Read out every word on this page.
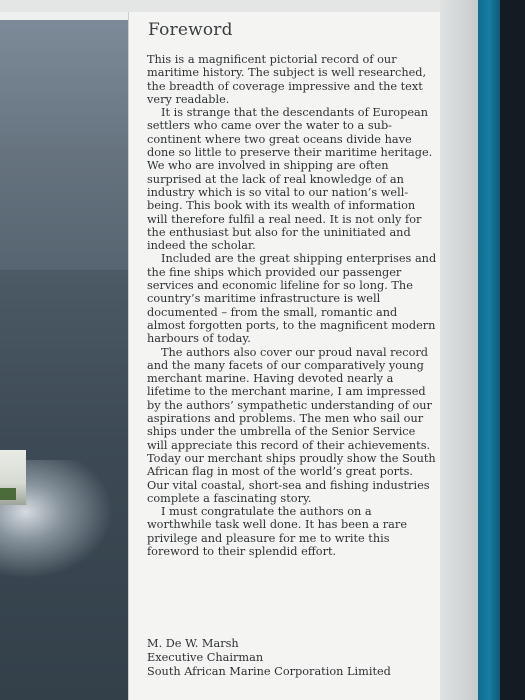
Foreword

This is a magnificent pictorial record of our maritime history. The subject is well researched, the breadth of coverage impressive and the text very readable.

It is strange that the descendants of European settlers who came over the water to a sub-continent where two great oceans divide have done so little to preserve their maritime heritage. We who are involved in shipping are often surprised at the lack of real knowledge of an industry which is so vital to our nation’s well-being. This book with its wealth of information will therefore fulfil a real need. It is not only for the enthusiast but also for the uninitiated and indeed the scholar.

Included are the great shipping enterprises and the fine ships which provided our passenger services and economic lifeline for so long. The country’s maritime infrastructure is well documented – from the small, romantic and almost forgotten ports, to the magnificent modern harbours of today.

The authors also cover our proud naval record and the many facets of our comparatively young merchant marine. Having devoted nearly a lifetime to the merchant marine, I am impressed by the authors’ sympathetic understanding of our aspirations and problems. The men who sail our ships under the umbrella of the Senior Service will appreciate this record of their achievements. Today our merchant ships proudly show the South African flag in most of the world’s great ports. Our vital coastal, short-sea and fishing industries complete a fascinating story.

I must congratulate the authors on a worthwhile task well done. It has been a rare privilege and pleasure for me to write this foreword to their splendid effort.

M. De W. Marsh
Executive Chairman
South African Marine Corporation Limited
